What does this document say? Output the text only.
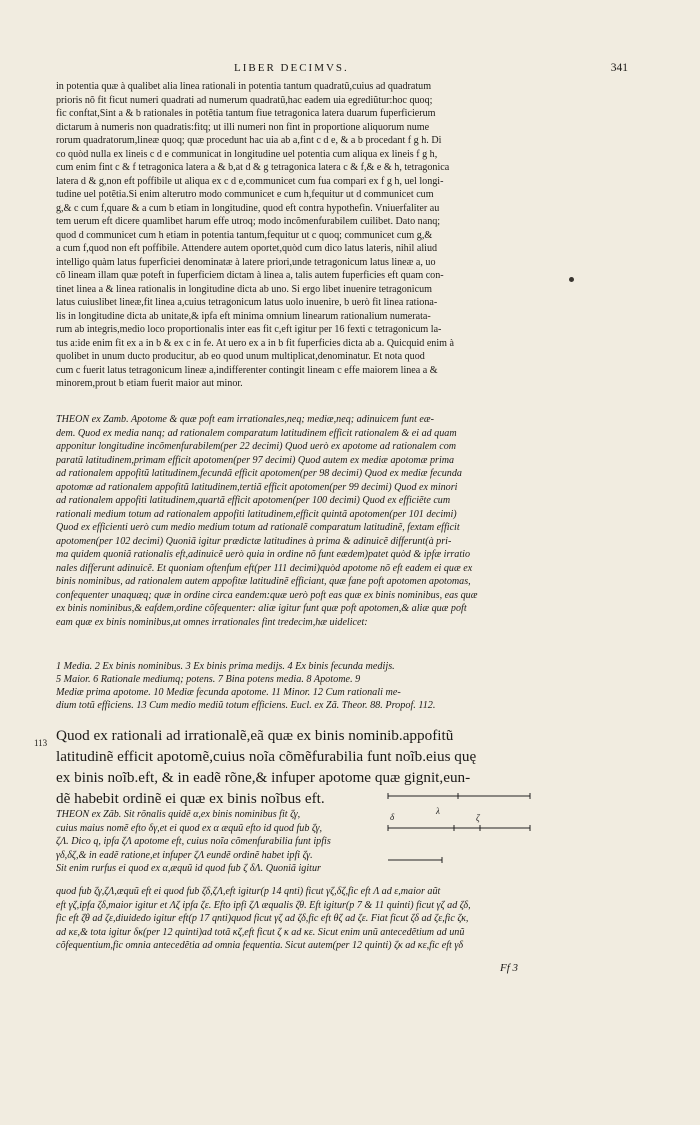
LIBER DECIMVS.	341
in potentia quæ à qualibet alia linea rationali in potentia tantum quadratũ,cuius ad quadratum
prioris nõ fit ficut numeri quadrati ad numerum quadratũ,hac eadem uia egrediũtur:hoc quoq;
fic conftat,Sint a & b rationales in potẽtia tantum fiue tetragonica latera duarum fuperficierum
dictarum à numeris non quadratis:fitq; ut illi numeri non fint in proportione aliquorum nume
rorum quadratorum,lineæ quoq; quæ procedunt hac uia ab a,fint c d e, & a b procedant f g h. Di
co quòd nulla ex lineis c d e communicat in longitudine uel potentia cum aliqua ex lineis f g h,
cum enim fint c & f tetragonica latera a & b,at d & g tetragonica latera c & f,& e & h, tetragonica
latera d & g,non eft poffibile ut aliqua ex c d e,communicet cum fua compari ex f g h, uel longi-
tudine uel potẽtia.Si enim alterutro modo communicet e cum h,fequitur ut d communicet cum
g,& c cum f,quare & a cum b etiam in longitudine, quod eft contra hypothefin. Vniuerfaliter au
tem uerum eft dicere quamlibet harum effe utroq; modo incõmenfurabilem cuilibet. Dato nanq;
quod d communicet cum h etiam in potentia tantum,fequitur ut c quoq; communicet cum g,&
a cum f,quod non eft poffibile. Attendere autem oportet,quòd cum dico latus lateris, nihil aliud
intelligo quàm latus fuperficiei denominatæ à latere priori,unde tetragonicum latus lineæ a, uo
cõ lineam illam quæ poteft in fuperficiem dictam à linea a, talis autem fuperficies eft quam con-
tinet linea a & linea rationalis in longitudine dicta ab uno. Si ergo libet inuenire tetragonicum
latus cuiuslibet lineæ,fit linea a,cuius tetragonicum latus uolo inuenire, b uerò fit linea rationa-
lis in longitudine dicta ab unitate,& ipfa eft minima omnium linearum rationalium numerata-
rum ab integris,medio loco proportionalis inter eas fit c,eft igitur per 16 fexti c tetragonicum la-
tus a:ide enim fit ex a in b & ex c in fe. At uero ex a in b fit fuperficies dicta ab a. Quicquid enim à
quolibet in unum ducto producitur, ab eo quod unum multiplicat,denominatur. Et nota quod
cum c fuerit latus tetragonicum lineæ a,indifferenter contingit lineam c effe maiorem linea a &
minorem,prout b etiam fuerit maior aut minor.
THEON ex Zamb. Apotome & quæ poft eam irrationales,neq; mediæ,neq; adinuicem funt eæ-
dem. Quod ex media nanq; ad rationalem comparatum latitudinem efficit rationalem & ei ad quam
apponitur longitudine incõmenfurabilem(per 22 decimi) Quod uerò ex apotome ad rationalem com
paratũ latitudinem,primam efficit apotomen(per 97 decimi) Quod autem ex mediæ apotomæ prima
ad rationalem appofitũ latitudinem,fecundã efficit apotomen(per 98 decimi) Quod ex mediæ fecunda
apotomæ ad rationalem appofitũ latitudinem,tertiã efficit apotomen(per 99 decimi) Quod ex minori
ad rationalem appofiti latitudinem,quartã efficit apotomen(per 100 decimi) Quod ex efficiẽte cum
rationali medium totum ad rationalem appofiti latitudinem,efficit quintã apotomen(per 101 decimi)
Quod ex efficienti uerò cum medio medium totum ad rationalẽ comparatum latitudinẽ, fextam efficit
apotomen(per 102 decimi) Quoniã igitur prædictæ latitudines à prima & adinuicẽ differunt(à pri-
ma quidem quoniã rationalis eft,adinuicẽ uerò quia in ordine nõ funt eædem)patet quòd & ipfæ irratio
nales differunt adinuicẽ. Et quoniam oftenfum eft(per 111 decimi)quòd apotome nõ eft eadem ei quæ ex
binis nominibus, ad rationalem autem appofitæ latitudinẽ efficiant, quæ fane poft apotomen apotomas,
confequenter unaquæq; quæ in ordine circa eandem:quæ uerò poft eas quæ ex binis nominibus, eas quæ
ex binis nominibus,& eafdem,ordine cõfequenter: aliæ igitur funt quæ poft apotomen,& aliæ quæ poft
eam quæ ex binis nominibus,ut omnes irrationales fint tredecim,hæ uidelicet:
1 Media. 2 Ex binis nominibus. 3 Ex binis prima medijs. 4 Ex binis fecunda medijs.
5 Maior. 6 Rationale mediumq; potens. 7 Bina potens media. 8 Apotome. 9
Mediæ prima apotome. 10 Mediæ fecunda apotome. 11 Minor. 12 Cum rationali me-
dium totũ efficiens. 13 Cum medio mediũ totum efficiens. Eucl. ex Zã. Theor. 88. Propof. 112.
113 Quod ex rationali ad irrationalẽ,eã quæ ex binis nominib.appofitũ
latitudinẽ efficit apotomẽ,cuius noĩa cõmẽfurabilia funt noĩb.eius quę
ex binis noĩb.eft, & in eadẽ rõne,& infuper apotome quæ gignit,eun-
dẽ habebit ordinẽ ei quæ ex binis noĩbus eft.
THEON ex Zãb. Sit rõnalis quidẽ α,ex binis nominibus fit ζγ,
cuius maius nomẽ efto δγ,et ei quod ex α æquũ efto id quod fub ζγ,
ζΛ. Dico q, ipfa ζΛ apotome eft, cuius noĩa cõmenfurabilia funt ipfis
γδ,δζ,& in eadẽ ratione,et infuper ζΛ eundẽ ordinẽ habet ipfi ζγ.
Sit enim rurfus ei quod ex α,æquũ id quod fub ζ δΛ. Quoniã igitur
λ
δ	ζ
quod fub ζγ,ζΛ,æquũ eft ei quod fub ζδ,ζΛ,eft igitur(p 14 qnti) ficut γζ,δζ,fic eft Λ ad ε,maior aũt
eft γζ,ipfa ζδ,maior igitur et Λζ ipfa ζε. Efto ipfi ζΛ æqualis ζθ. Eft igitur(p 7 & 11 quinti) ficut γζ ad ζδ,
fic eft ζθ ad ζε,diuidedo igitur eft(p 17 qnti)quod ficut γζ ad ζδ,fic eft θζ ad ζε. Fiat ficut ζδ ad ζε,fic ζκ,
ad κε,& tota igitur δκ(per 12 quinti)ad totã κζ,eft ficut ζ κ ad κε. Sicut enim unũ antecedẽtium ad unũ
cõfequentium,fic omnia antecedẽtia ad omnia fequentia. Sicut autem(per 12 quinti) ζκ ad κε,fic eft γδ
Ff 3
